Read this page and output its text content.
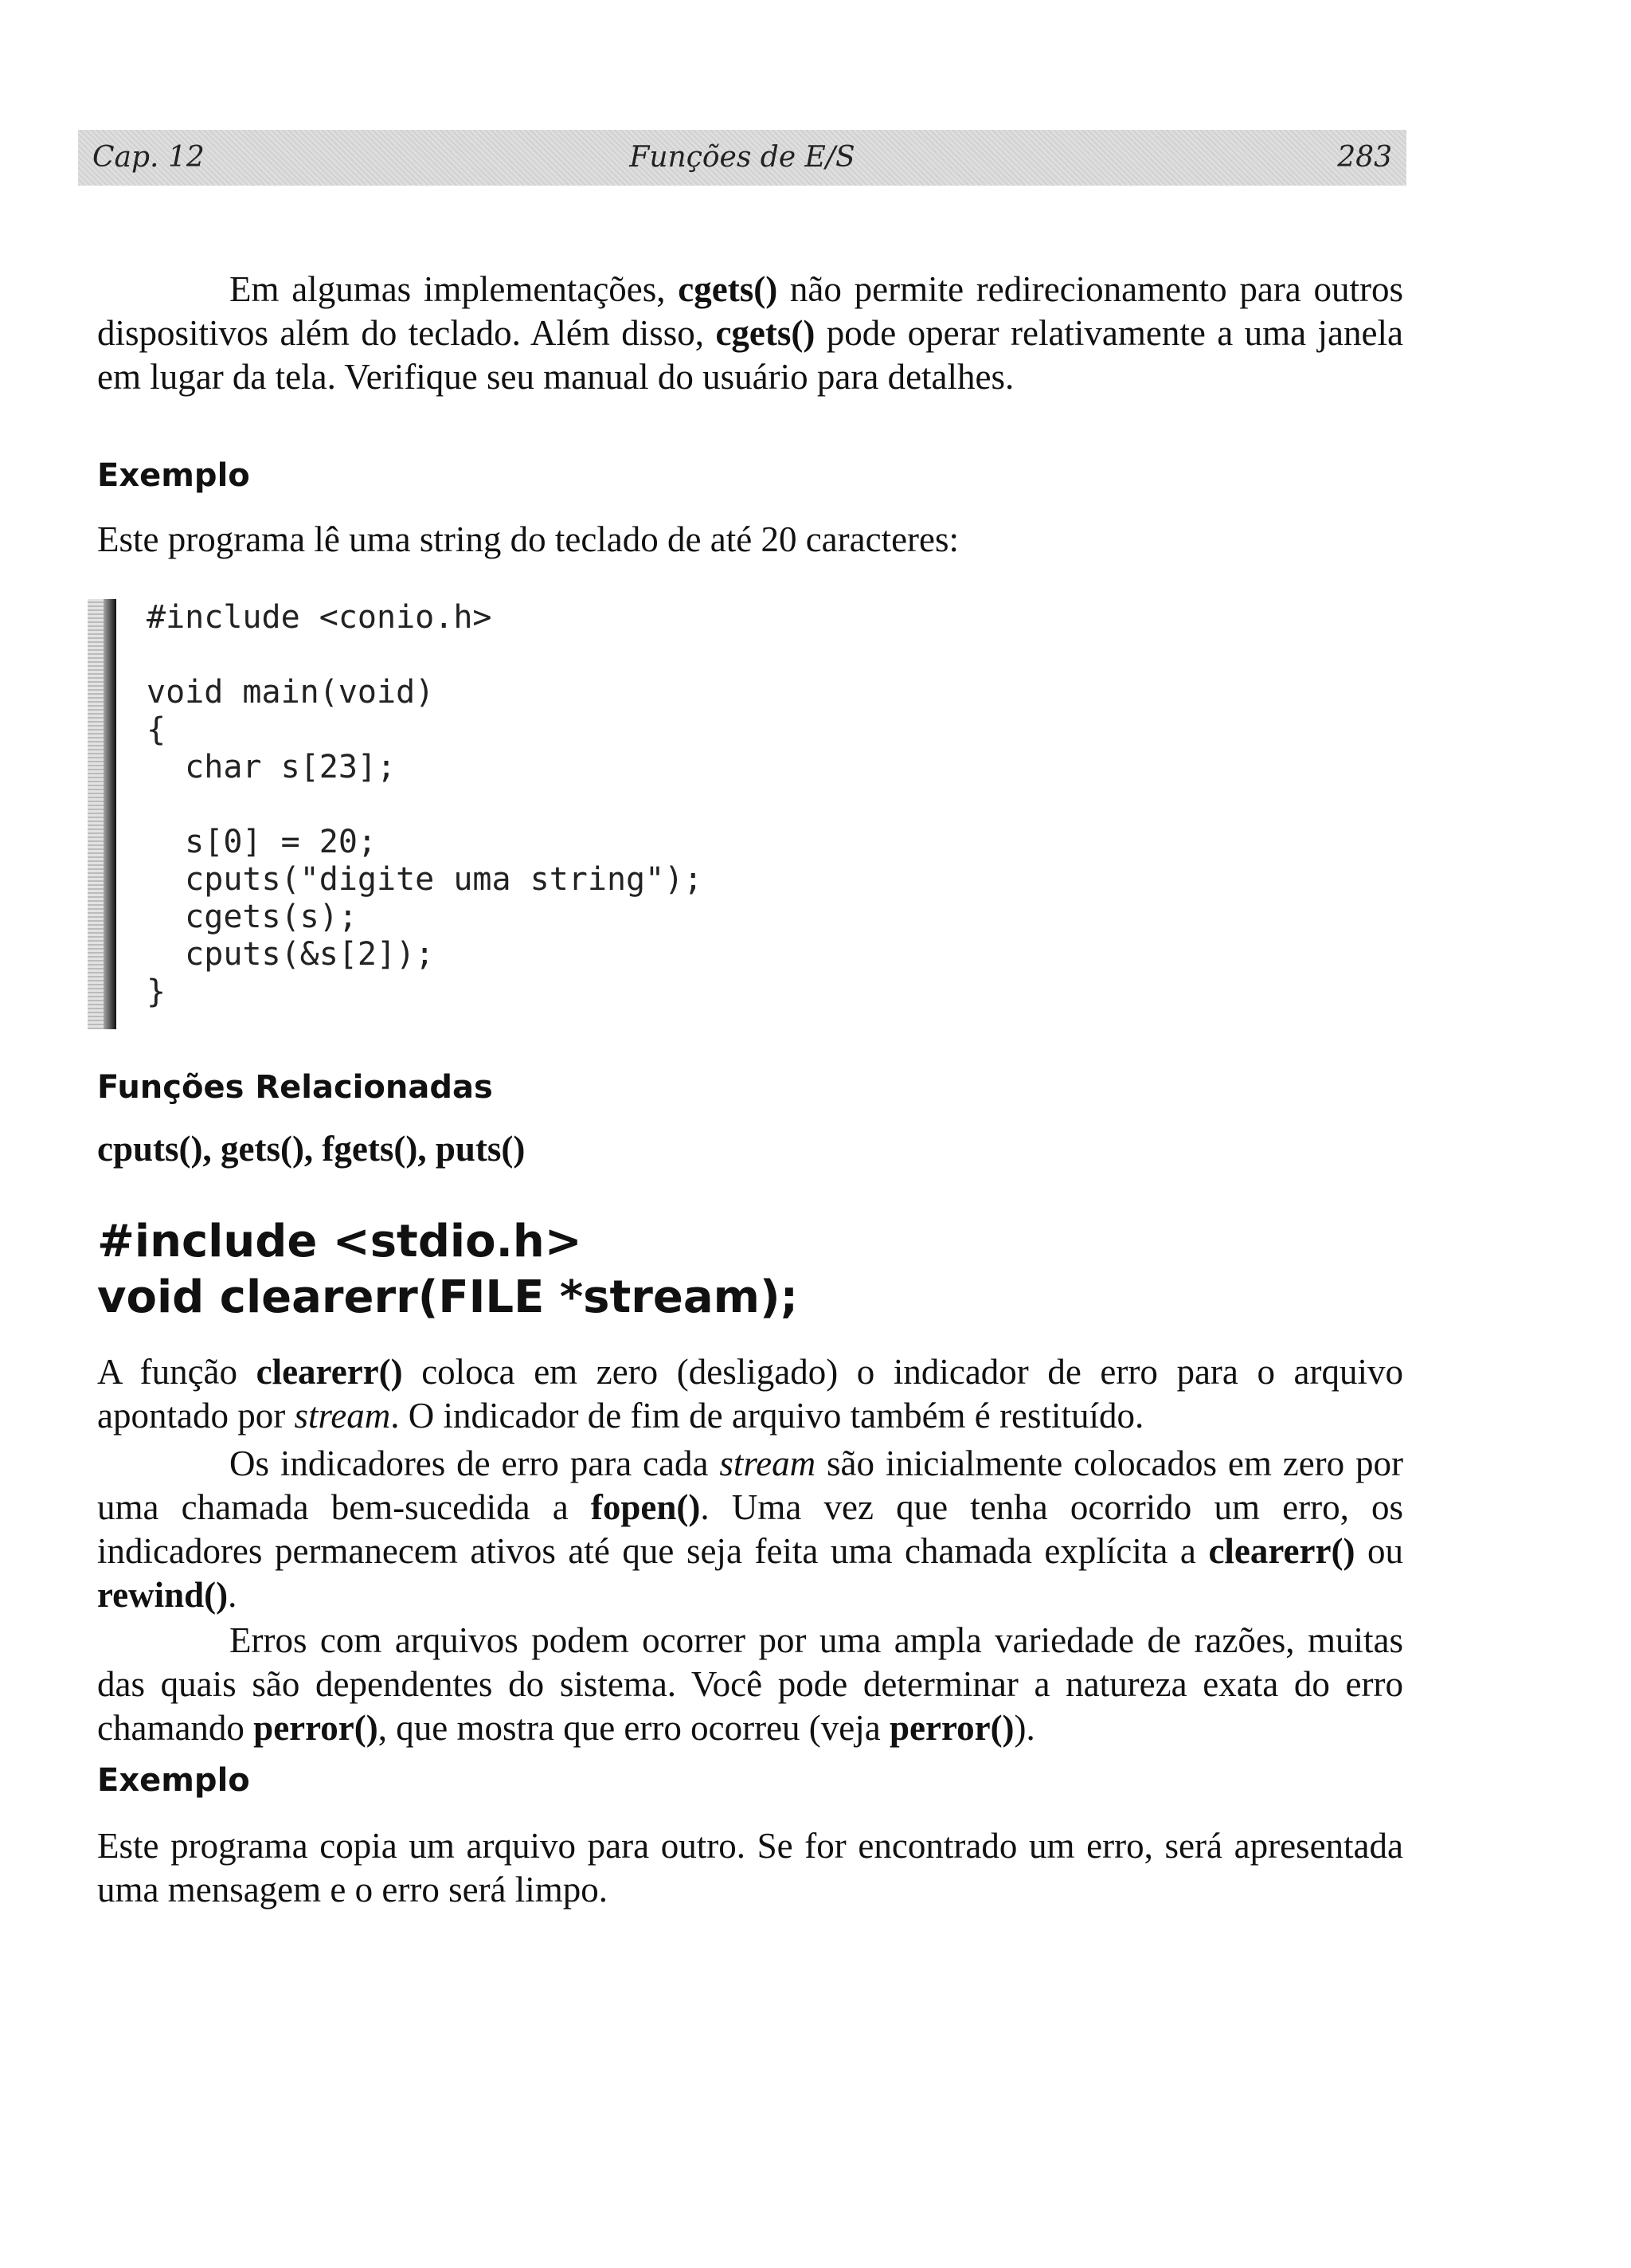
Cap. 12	Funções de E/S	283

Em algumas implementações, cgets() não permite redirecionamento para outros dispositivos além do teclado. Além disso, cgets() pode operar relativamente a uma janela em lugar da tela. Verifique seu manual do usuário para detalhes.

Exemplo

Este programa lê uma string do teclado de até 20 caracteres:

#include <conio.h>

void main(void)
{
char s[23];

s[0] = 20;
cputs("digite uma string");
cgets(s);
cputs(&s[2]);
}
Funções Relacionadas

cputs(), gets(), fgets(), puts()

#include <stdio.h>
void clearerr(FILE *stream);

A função clearerr() coloca em zero (desligado) o indicador de erro para o arquivo apontado por stream. O indicador de fim de arquivo também é restituído.

Os indicadores de erro para cada stream são inicialmente colocados em zero por uma chamada bem-sucedida a fopen(). Uma vez que tenha ocorrido um erro, os indicadores permanecem ativos até que seja feita uma chamada explícita a clearerr() ou rewind().

Erros com arquivos podem ocorrer por uma ampla variedade de razões, muitas das quais são dependentes do sistema. Você pode determinar a natureza exata do erro chamando perror(), que mostra que erro ocorreu (veja perror()).

Exemplo

Este programa copia um arquivo para outro. Se for encontrado um erro, será apresentada uma mensagem e o erro será limpo.
